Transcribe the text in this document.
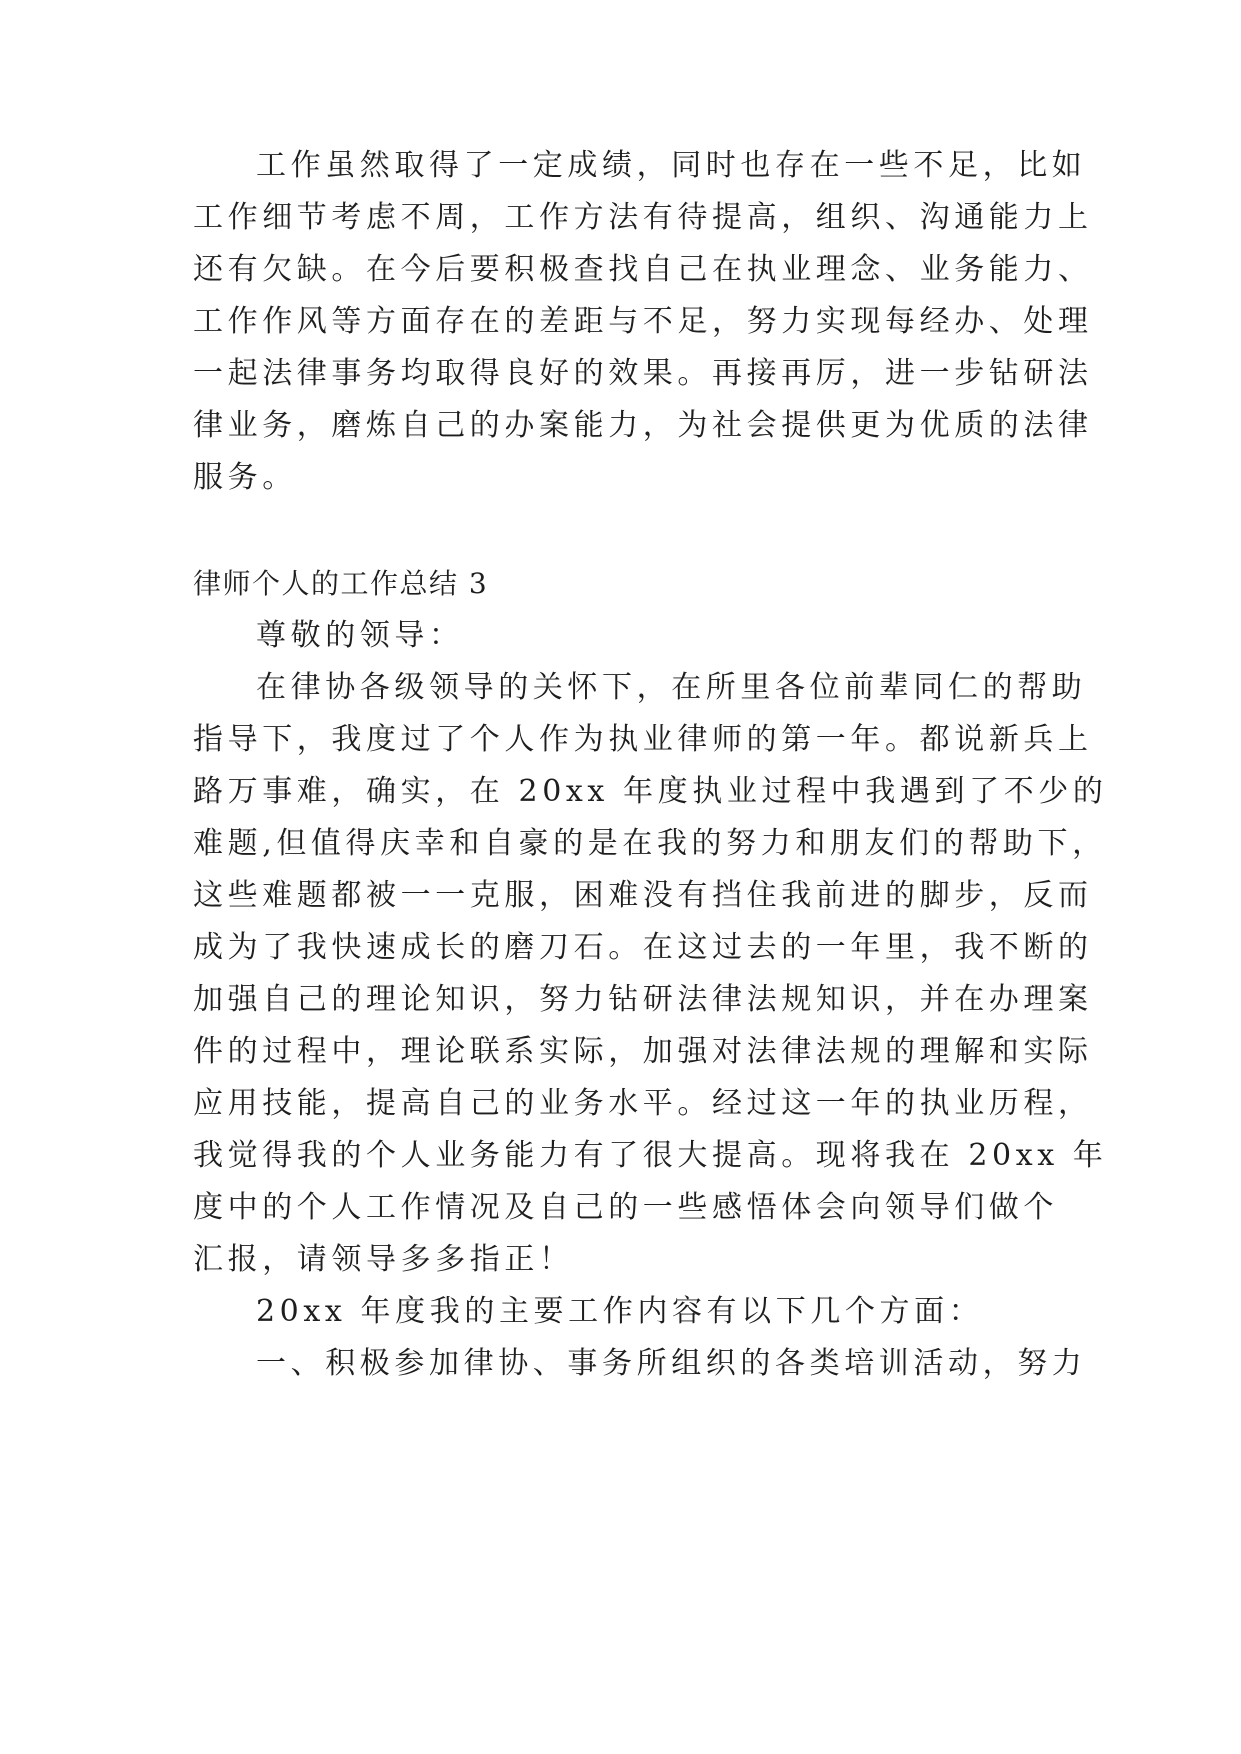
工作虽然取得了一定成绩，同时也存在一些不足，比如

工作细节考虑不周，工作方法有待提高，组织、沟通能力上

还有欠缺。在今后要积极查找自己在执业理念、业务能力、

工作作风等方面存在的差距与不足，努力实现每经办、处理

一起法律事务均取得良好的效果。再接再厉，进一步钻研法

律业务，磨炼自己的办案能力，为社会提供更为优质的法律

服务。

律师个人的工作总结 3

尊敬的领导：

在律协各级领导的关怀下，在所里各位前辈同仁的帮助

指导下，我度过了个人作为执业律师的第一年。都说新兵上

路万事难，确实，在 20xx 年度执业过程中我遇到了不少的

难题,但值得庆幸和自豪的是在我的努力和朋友们的帮助下，

这些难题都被一一克服，困难没有挡住我前进的脚步，反而

成为了我快速成长的磨刀石。在这过去的一年里，我不断的

加强自己的理论知识，努力钻研法律法规知识，并在办理案

件的过程中，理论联系实际，加强对法律法规的理解和实际

应用技能，提高自己的业务水平。经过这一年的执业历程，

我觉得我的个人业务能力有了很大提高。现将我在 20xx 年

度中的个人工作情况及自己的一些感悟体会向领导们做个

汇报，请领导多多指正！

20xx 年度我的主要工作内容有以下几个方面：

一、积极参加律协、事务所组织的各类培训活动，努力
